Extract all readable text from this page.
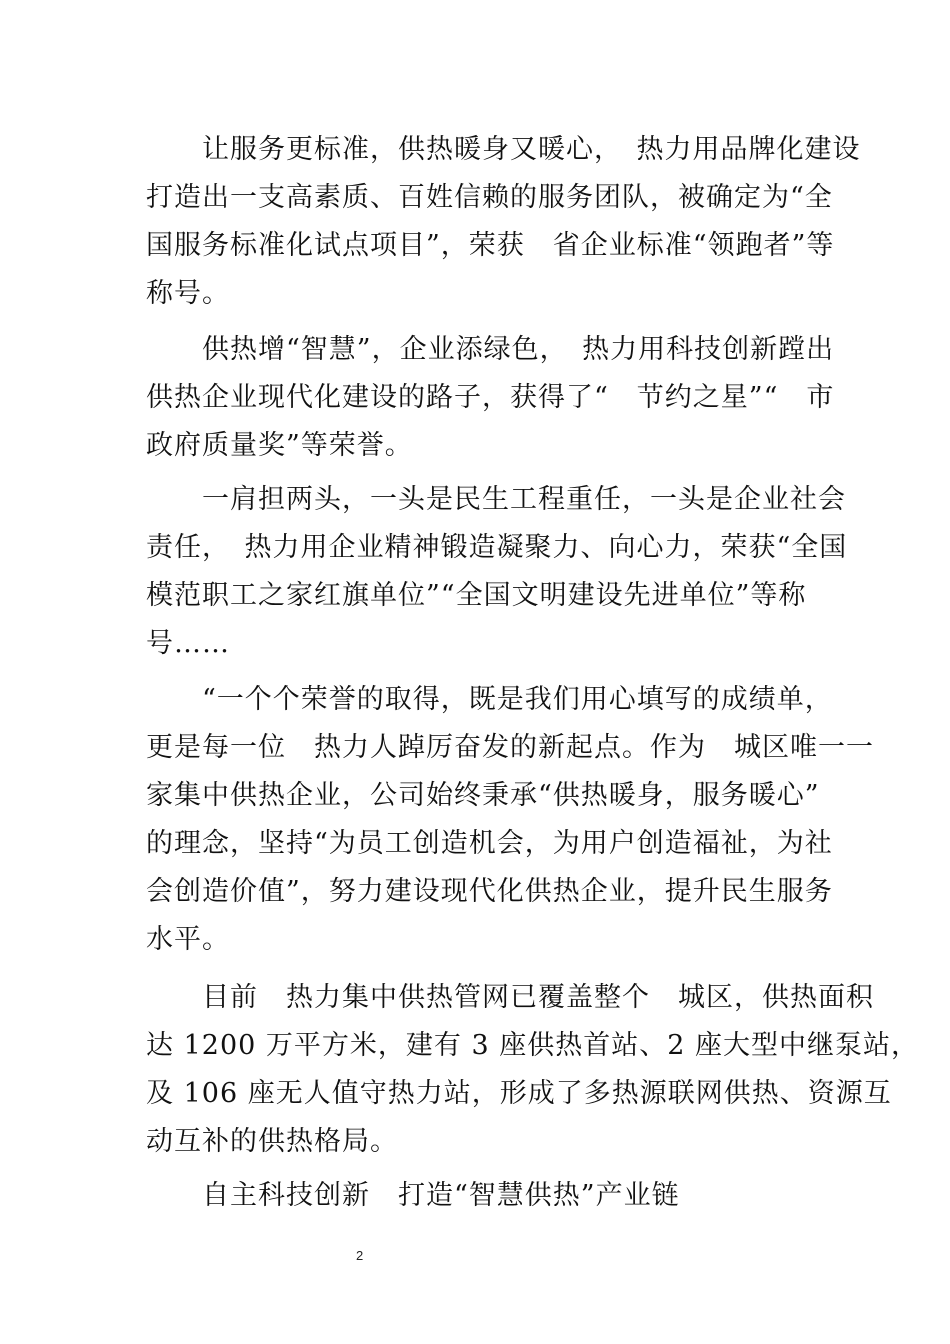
　　让服务更标准，供热暖身又暖心，　热力用品牌化建设
打造出一支高素质、百姓信赖的服务团队，被确定为“全
国服务标准化试点项目”，荣获　省企业标准“领跑者”等
称号。
　　供热增“智慧”，企业添绿色，　热力用科技创新蹚出
供热企业现代化建设的路子，获得了“　节约之星”“　市
政府质量奖”等荣誉。
　　一肩担两头，一头是民生工程重任，一头是企业社会
责任，　热力用企业精神锻造凝聚力、向心力，荣获“全国
模范职工之家红旗单位”“全国文明建设先进单位”等称
号……
　　“一个个荣誉的取得，既是我们用心填写的成绩单，
更是每一位　热力人踔厉奋发的新起点。作为　城区唯一一
家集中供热企业，公司始终秉承“供热暖身，服务暖心”
的理念，坚持“为员工创造机会，为用户创造福祉，为社
会创造价值”，努力建设现代化供热企业，提升民生服务
水平。
　　目前　热力集中供热管网已覆盖整个　城区，供热面积
达 1200 万平方米，建有 3 座供热首站、2 座大型中继泵站，
及 106 座无人值守热力站，形成了多热源联网供热、资源互
动互补的供热格局。
　　自主科技创新　打造“智慧供热”产业链
2
